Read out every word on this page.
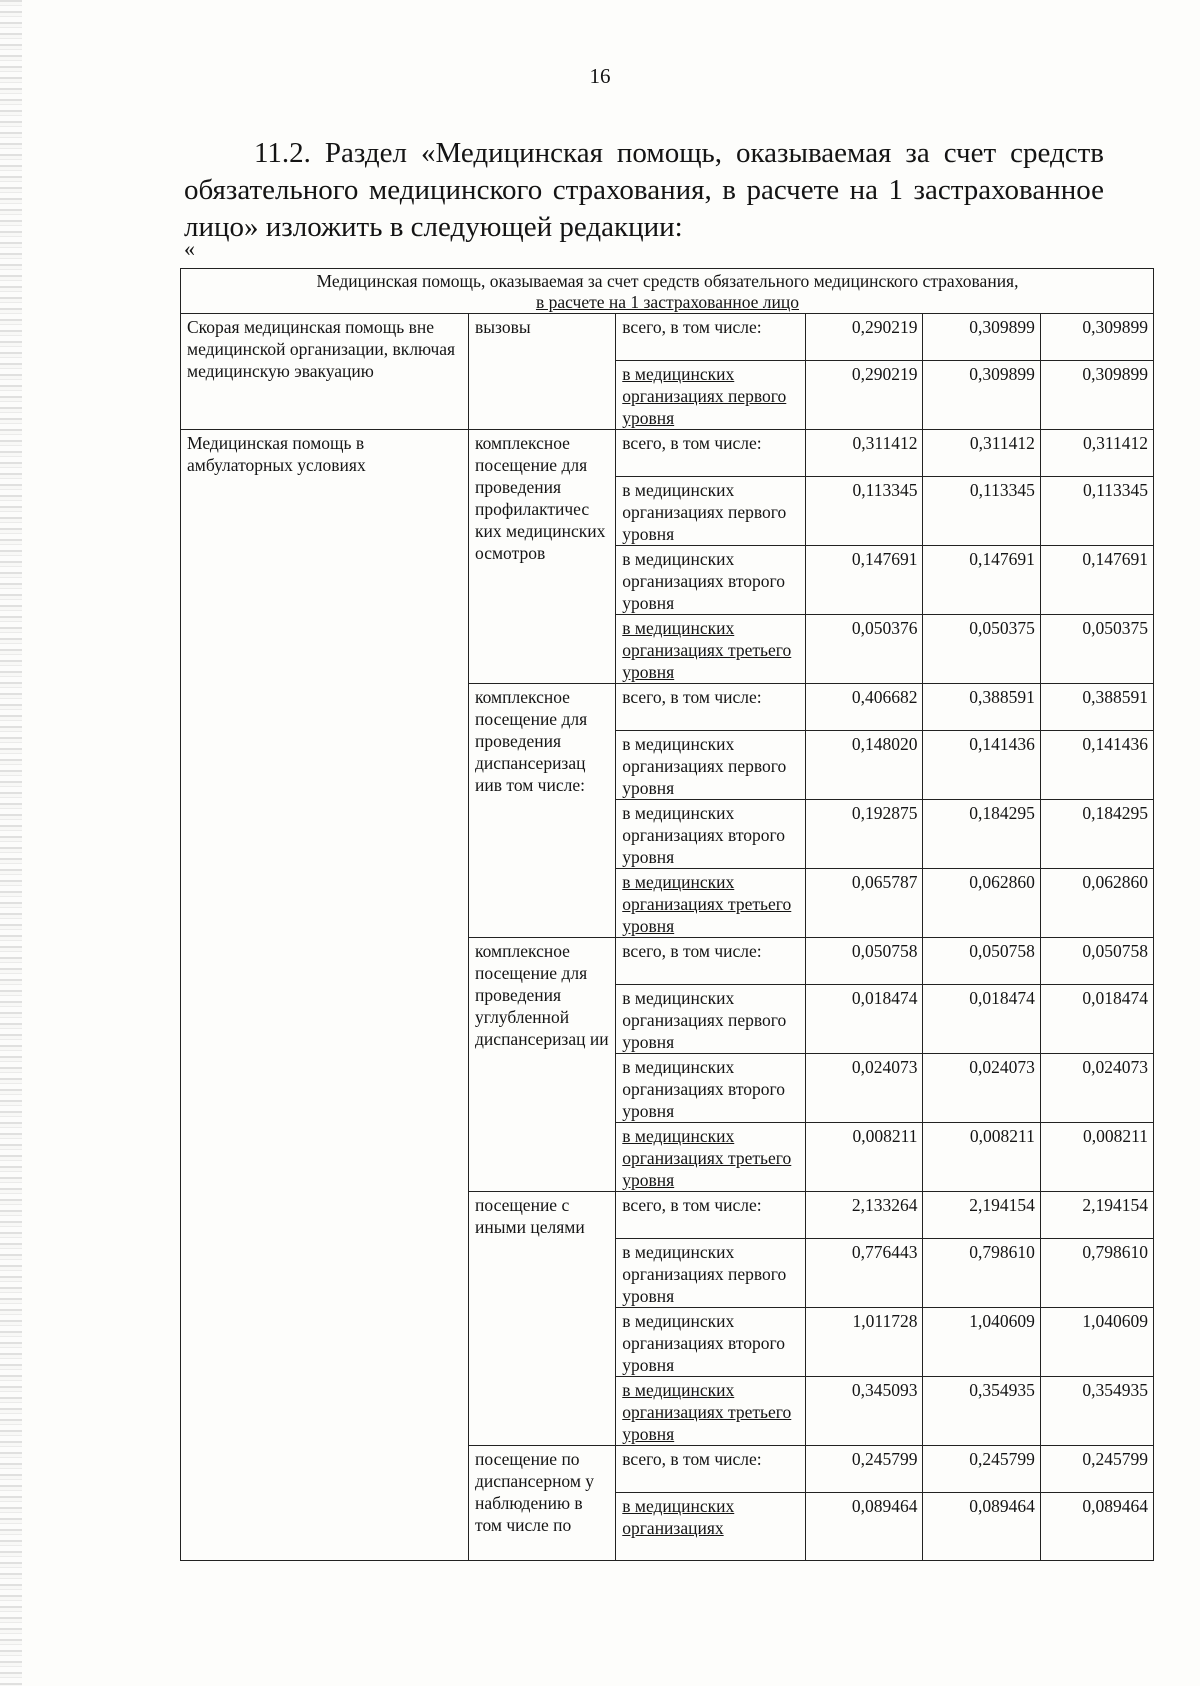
16

11.2. Раздел «Медицинская помощь, оказываемая за счет средств обязательного медицинского страхования, в расчете на 1 застрахованное лицо» изложить в следующей редакции:

«
Медицинская помощь, оказываемая за счет средств обязательного медицинского страхования,
в расчете на 1 застрахованное лицо					
Скорая медицинская помощь вне медицинской организации, включая медицинскую эвакуацию	вызовы	всего, в том числе:	0,290219	0,309899	0,309899
		в медицинских организациях первого уровня	0,290219	0,309899	0,309899
Медицинская помощь в амбулаторных условиях	комплексное посещение для проведения профилактичес ких медицинских осмотров	всего, в том числе:	0,311412	0,311412	0,311412
		в медицинских организациях первого уровня	0,113345	0,113345	0,113345
		в медицинских организациях второго уровня	0,147691	0,147691	0,147691
		в медицинских организациях третьего уровня	0,050376	0,050375	0,050375
	комплексное посещение для проведения диспансеризац иив том числе:	всего, в том числе:	0,406682	0,388591	0,388591
		в медицинских организациях первого уровня	0,148020	0,141436	0,141436
		в медицинских организациях второго уровня	0,192875	0,184295	0,184295
		в медицинских организациях третьего уровня	0,065787	0,062860	0,062860
	комплексное посещение для проведения углубленной диспансеризац ии	всего, в том числе:	0,050758	0,050758	0,050758
		в медицинских организациях первого уровня	0,018474	0,018474	0,018474
		в медицинских организациях второго уровня	0,024073	0,024073	0,024073
		в медицинских организациях третьего уровня	0,008211	0,008211	0,008211
	посещение с иными целями	всего, в том числе:	2,133264	2,194154	2,194154
		в медицинских организациях первого уровня	0,776443	0,798610	0,798610
		в медицинских организациях второго уровня	1,011728	1,040609	1,040609
		в медицинских организациях третьего уровня	0,345093	0,354935	0,354935
	посещение по диспансерном у наблюдению в том числе по	всего, в том числе:	0,245799	0,245799	0,245799
		в медицинских организациях	0,089464	0,089464	0,089464
